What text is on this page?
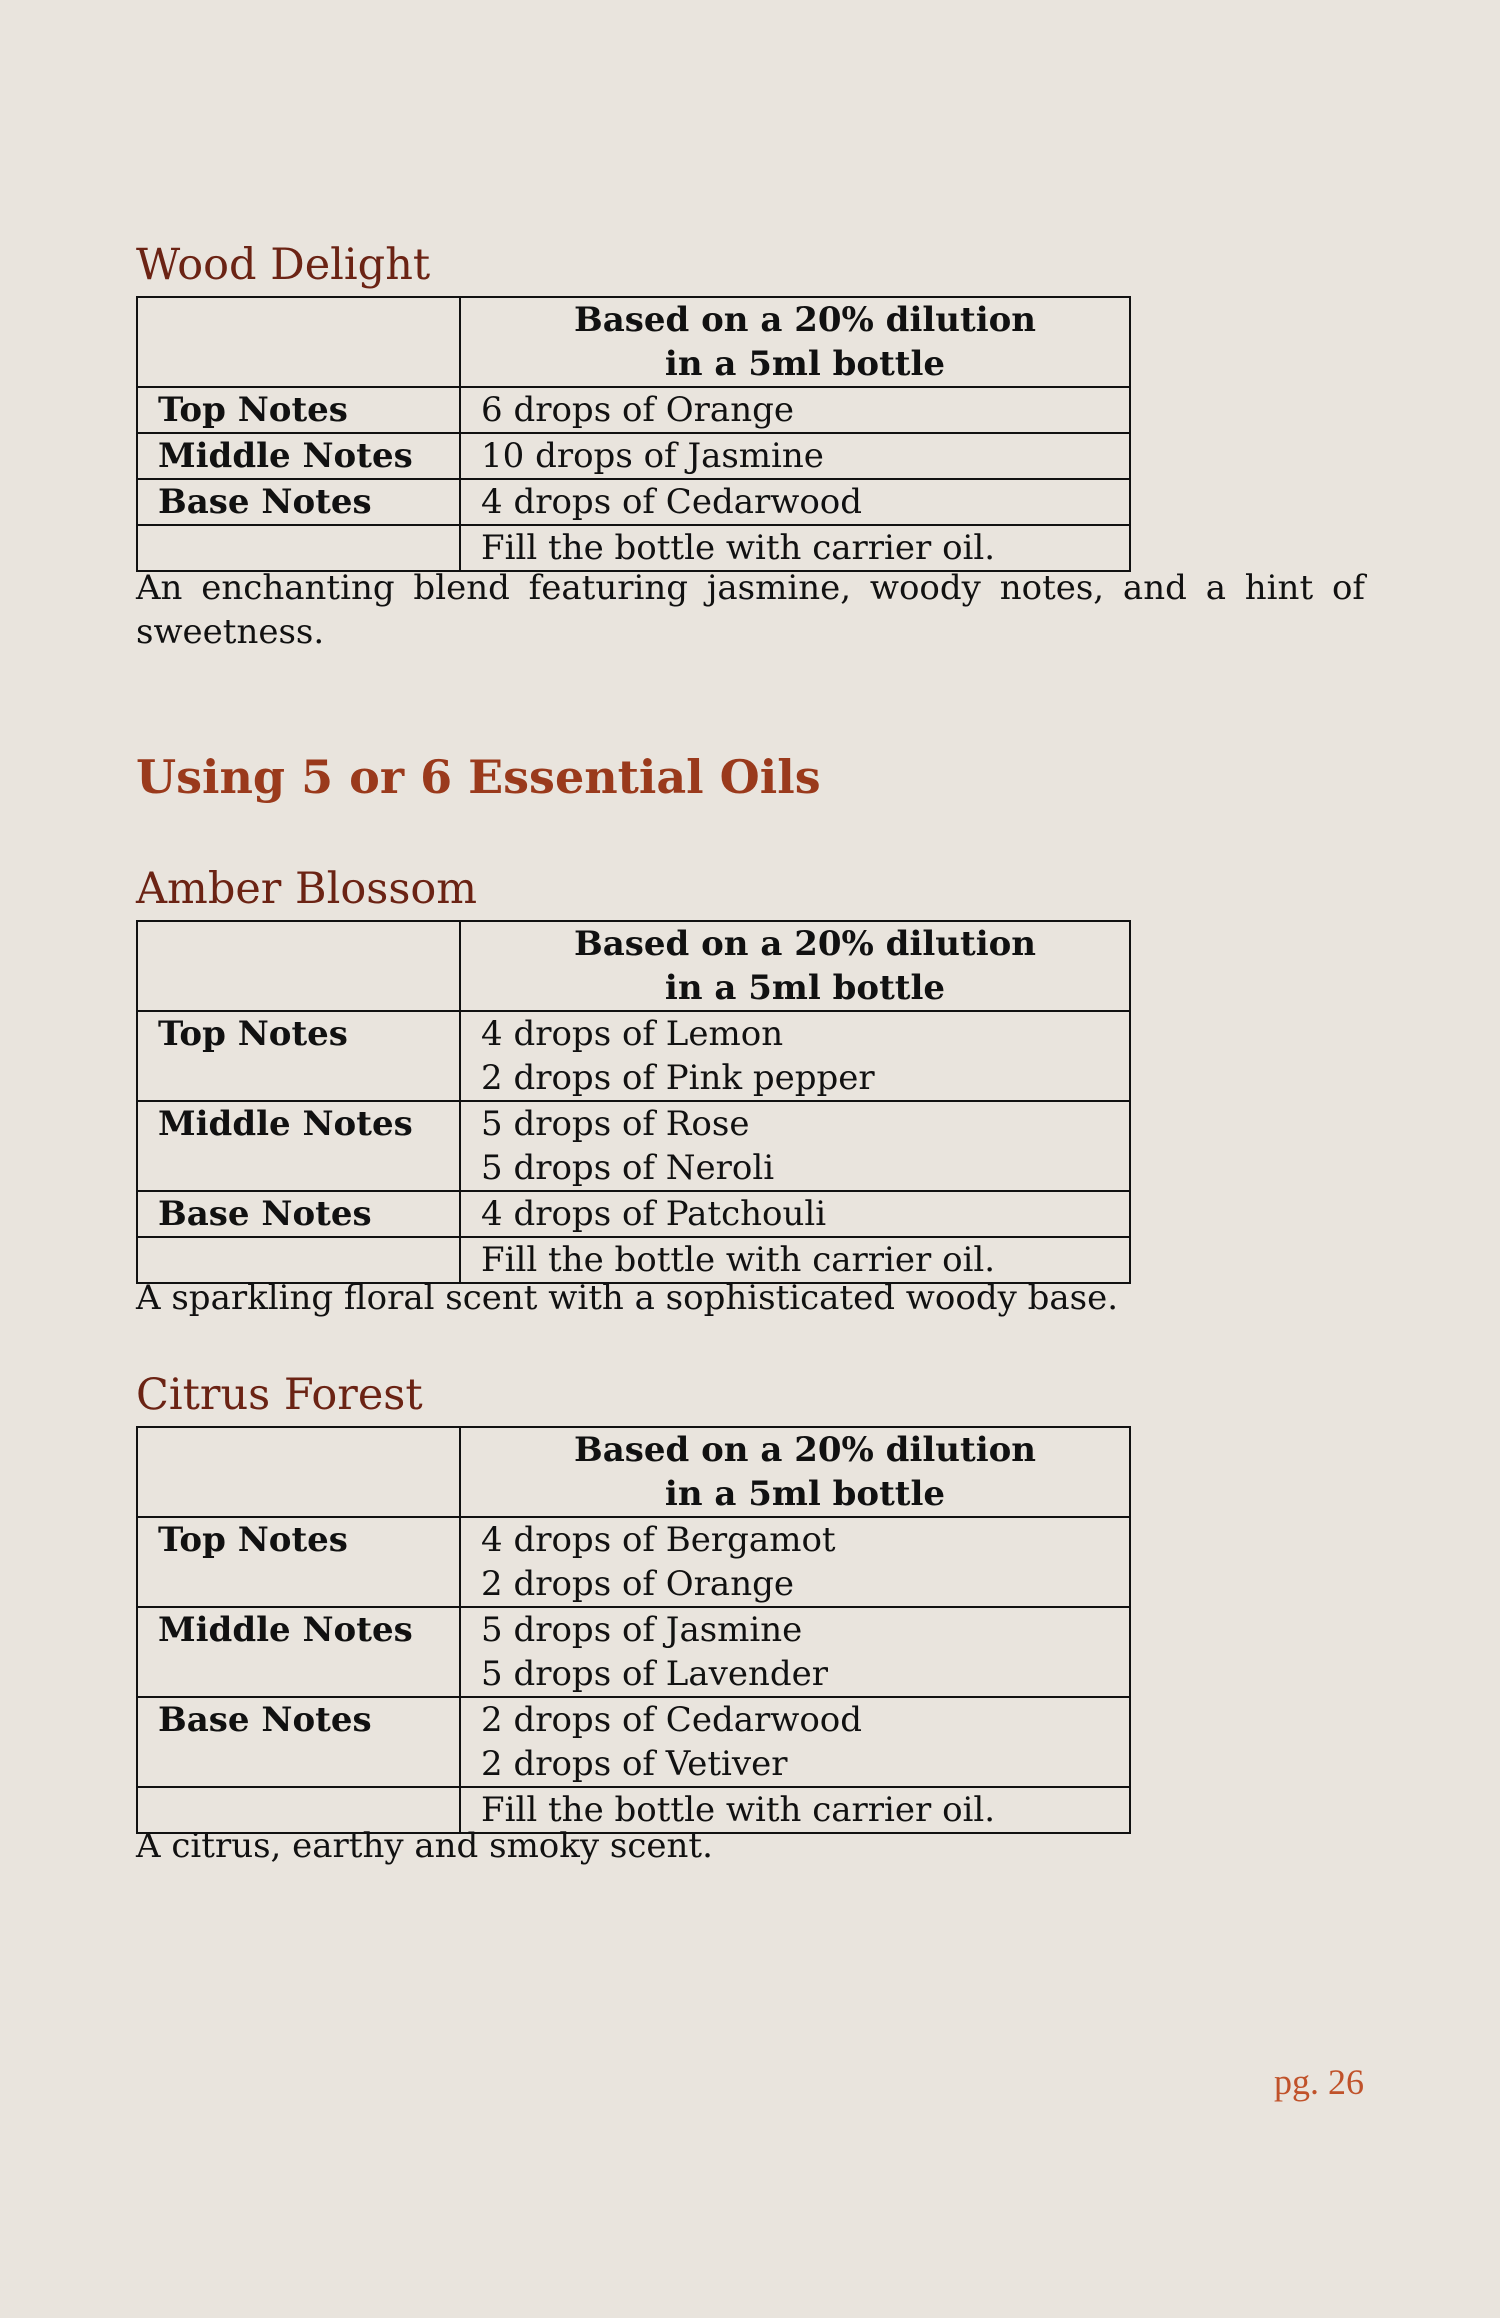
Wood Delight

	Based on a 20% dilution
in a 5ml bottle

Top Notes	6 drops of Orange

Middle Notes	10 drops of Jasmine

Base Notes	4 drops of Cedarwood

	Fill the bottle with carrier oil.

An enchanting blend featuring jasmine, woody notes, and a hint of sweetness.

Using 5 or 6 Essential Oils
Amber Blossom

	Based on a 20% dilution
in a 5ml bottle

Top Notes	4 drops of Lemon
2 drops of Pink pepper

Middle Notes	5 drops of Rose
5 drops of Neroli

Base Notes	4 drops of Patchouli

	Fill the bottle with carrier oil.

A sparkling floral scent with a sophisticated woody base.

Citrus Forest

	Based on a 20% dilution
in a 5ml bottle

Top Notes	4 drops of Bergamot
2 drops of Orange

Middle Notes	5 drops of Jasmine
5 drops of Lavender

Base Notes	2 drops of Cedarwood
2 drops of Vetiver

	Fill the bottle with carrier oil.

A citrus, earthy and smoky scent.

pg. 26
